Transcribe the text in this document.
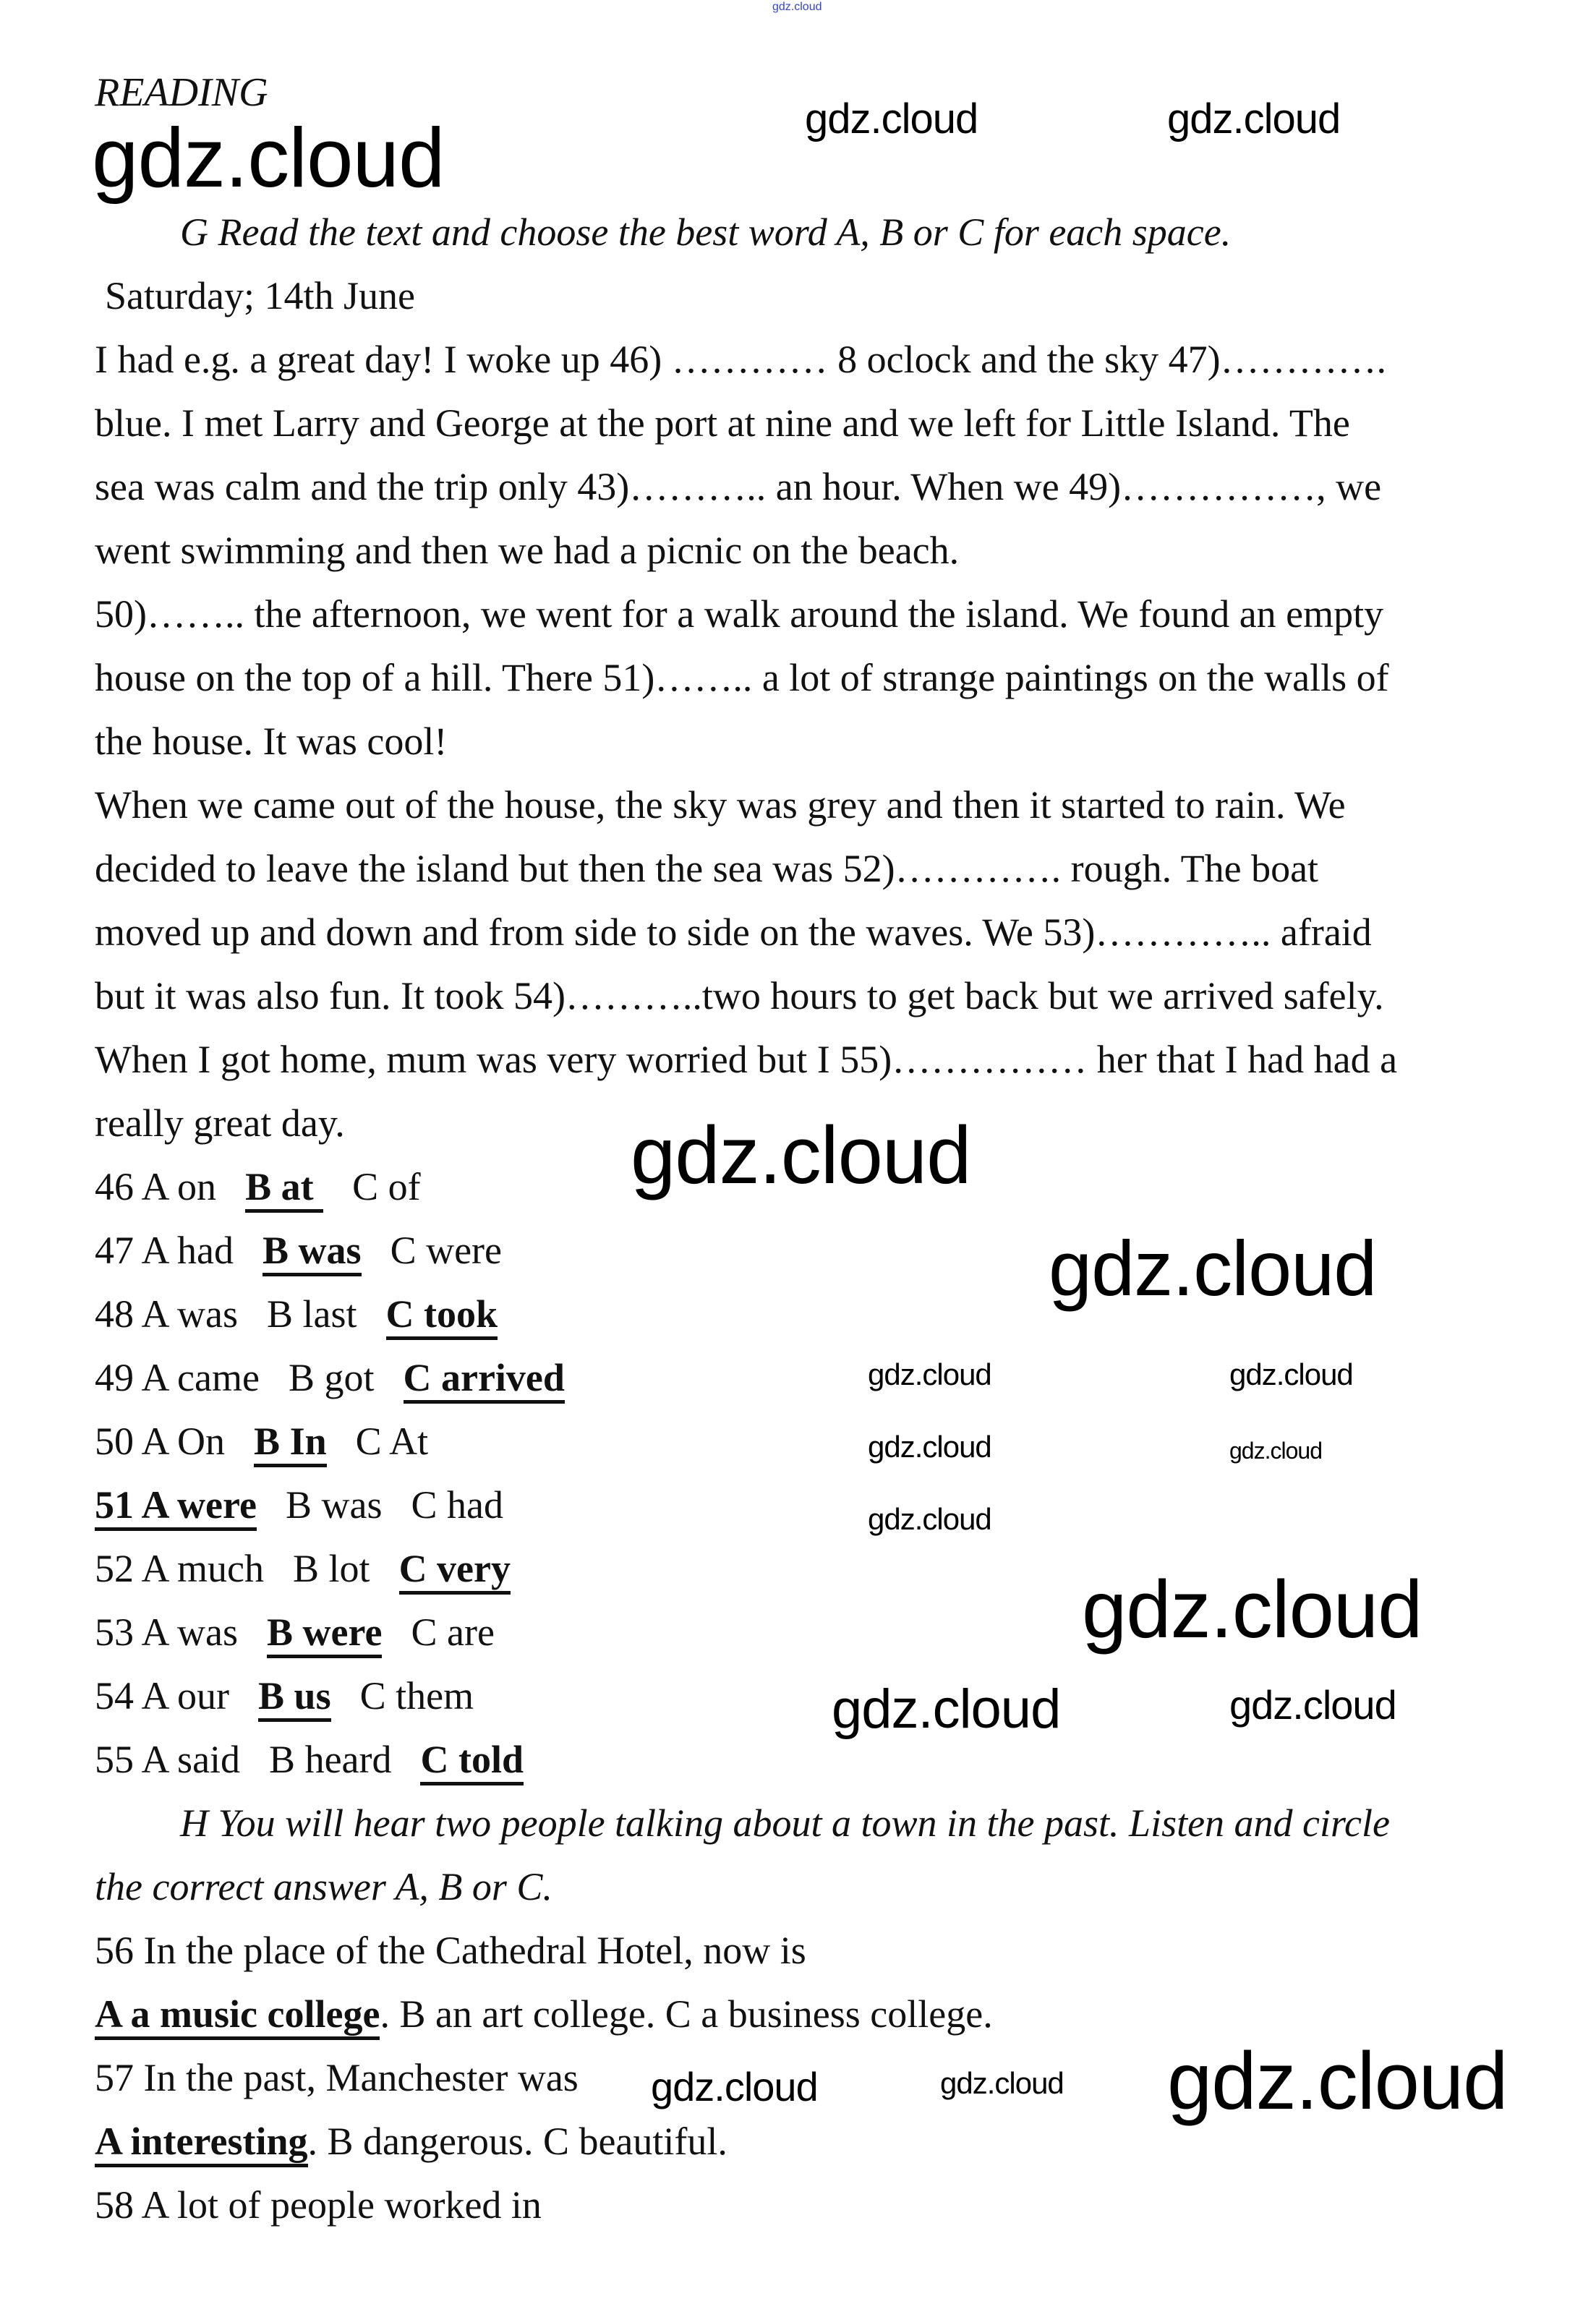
gdz.cloud
READING
G Read the text and choose the best word A, B or C for each space.
Saturday; 14th June
I had e.g. a great day! I woke up 46) ………… 8 oclock and the sky 47)………….
blue. I met Larry and George at the port at nine and we left for Little Island. The
sea was calm and the trip only 43)……….. an hour. When we 49)……………, we
went swimming and then we had a picnic on the beach.
50)…….. the afternoon, we went for a walk around the island. We found an empty
house on the top of a hill. There 51)…….. a lot of strange paintings on the walls of
the house. It was cool!
When we came out of the house, the sky was grey and then it started to rain. We
decided to leave the island but then the sea was 52)…………. rough. The boat
moved up and down and from side to side on the waves. We 53)………….. afraid
but it was also fun. It took 54)………..two hours to get back but we arrived safely.
When I got home, mum was very worried but I 55)…………… her that I had had a
really great day.
46 A on B at C of
47 A had B was C were
48 A was B last C took
49 A came B got C arrived
50 A On B In C At
51 A were B was C had
52 A much B lot C very
53 A was B were C are
54 A our B us C them
55 A said B heard C told
H You will hear two people talking about a town in the past. Listen and circle
the correct answer A, B or C.
56 In the place of the Cathedral Hotel, now is
A a music college. B an art college. C a business college.
57 In the past, Manchester was
A interesting. B dangerous. C beautiful.
58 A lot of people worked in
gdz.cloud	gdz.cloud
gdz.cloud
gdz.cloud
gdz.cloud
gdz.cloud
gdz.cloud
gdz.cloud
gdz.cloud
gdz.cloud
gdz.cloud
gdz.cloud
gdz.cloud
gdz.cloud
gdz.cloud	gdz.cloud
